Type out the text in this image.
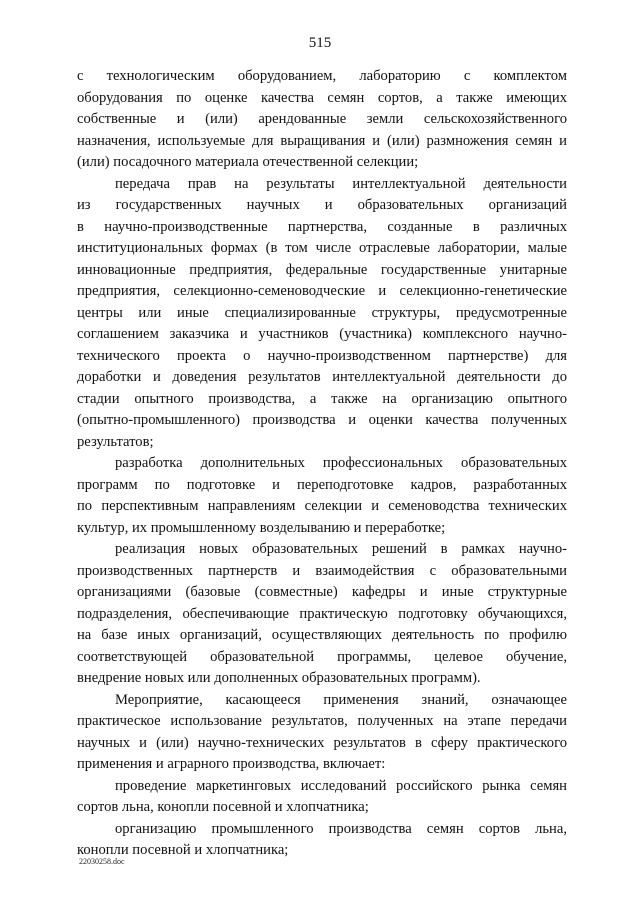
515
с технологическим оборудованием, лабораторию с комплектом
оборудования по оценке качества семян сортов, а также имеющих
собственные и (или) арендованные земли сельскохозяйственного
назначения, используемые для выращивания и (или) размножения семян и
(или) посадочного материала отечественной селекции;
передача прав на результаты интеллектуальной деятельности
из государственных научных и образовательных организаций
в научно-производственные партнерства, созданные в различных
институциональных формах (в том числе отраслевые лаборатории, малые
инновационные предприятия, федеральные государственные унитарные
предприятия, селекционно-семеноводческие и селекционно-генетические
центры или иные специализированные структуры, предусмотренные
соглашением заказчика и участников (участника) комплексного научно-
технического проекта о научно-производственном партнерстве) для
доработки и доведения результатов интеллектуальной деятельности до
стадии опытного производства, а также на организацию опытного
(опытно-промышленного) производства и оценки качества полученных
результатов;
разработка дополнительных профессиональных образовательных
программ по подготовке и переподготовке кадров, разработанных
по перспективным направлениям селекции и семеноводства технических
культур, их промышленному возделыванию и переработке;
реализация новых образовательных решений в рамках научно-
производственных партнерств и взаимодействия с образовательными
организациями (базовые (совместные) кафедры и иные структурные
подразделения, обеспечивающие практическую подготовку обучающихся,
на базе иных организаций, осуществляющих деятельность по профилю
соответствующей образовательной программы, целевое обучение,
внедрение новых или дополненных образовательных программ).
Мероприятие, касающееся применения знаний, означающее
практическое использование результатов, полученных на этапе передачи
научных и (или) научно-технических результатов в сферу практического
применения и аграрного производства, включает:
проведение маркетинговых исследований российского рынка семян
сортов льна, конопли посевной и хлопчатника;
организацию промышленного производства семян сортов льна,
конопли посевной и хлопчатника;
22030258.doc
